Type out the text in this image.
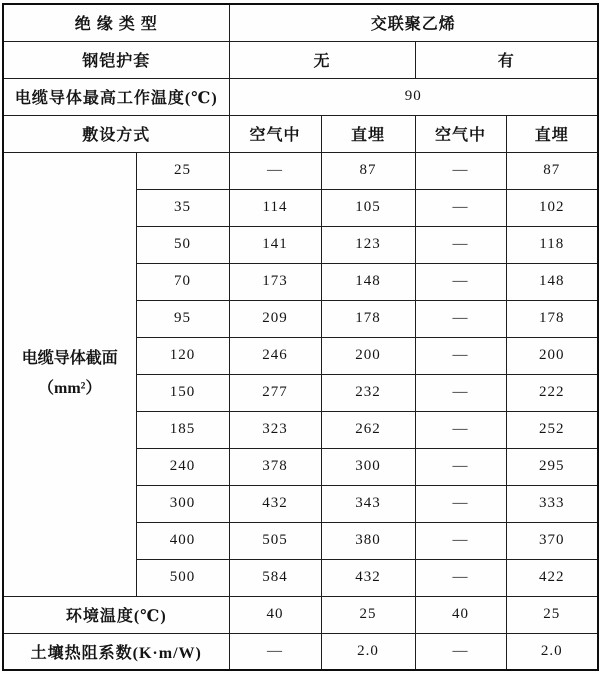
绝 缘 类 型		交联聚乙烯			
钢铠护套		无		有	
电缆导体最高工作温度(℃)		90			
敷设方式		空气中	直埋	空气中	直埋

电缆导体截面
（mm²）	25	—	87	—	87
	35	114	105	—	102
	50	141	123	—	118
	70	173	148	—	148
	95	209	178	—	178
	120	246	200	—	200
	150	277	232	—	222
	185	323	262	—	252
	240	378	300	—	295
	300	432	343	—	333
	400	505	380	—	370
	500	584	432	—	422
环境温度(℃)		40	25	40	25
土壤热阻系数(K·m/W)		—	2.0	—	2.0
